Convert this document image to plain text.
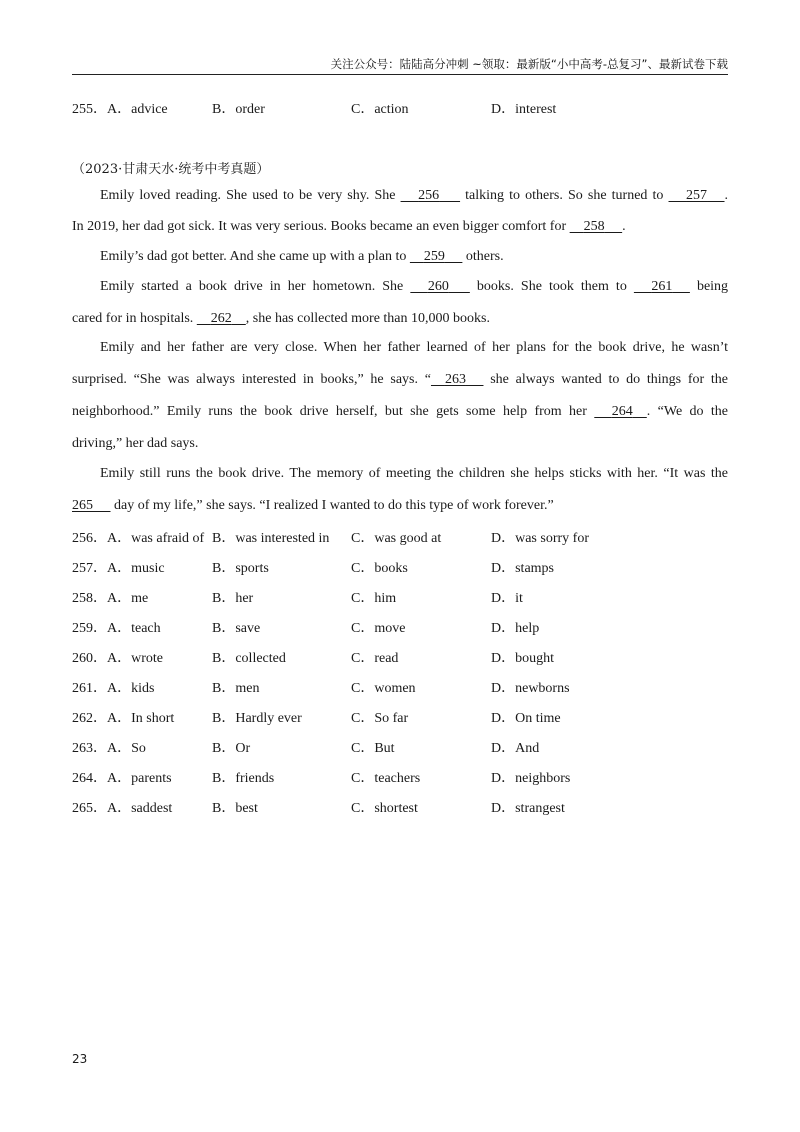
关注公众号：陆陆高分冲刺 ~领取：最新版“小中高考-总复习”、最新试卷下载
255．A．advice	B．order	C．action	D．interest
（2023·甘肃天水·统考中考真题）
Emily loved reading. She used to be very shy. She 256 talking to others. So she turned to 257 .
In 2019, her dad got sick. It was very serious. Books became an even bigger comfort for 258 .
Emily’s dad got better. And she came up with a plan to 259 others.
Emily started a book drive in her hometown. She 260 books. She took them to 261 being
cared for in hospitals. 262 , she has collected more than 10,000 books.
Emily and her father are very close. When her father learned of her plans for the book drive, he wasn’t
surprised. “She was always interested in books,” he says. “ 263 she always wanted to do things for the
neighborhood.” Emily runs the book drive herself, but she gets some help from her 264 . “We do the
driving,” her dad says.
Emily still runs the book drive. The memory of meeting the children she helps sticks with her. “It was the
265 day of my life,” she says. “I realized I wanted to do this type of work forever.”
256．A．was afraid of B．was interested in C．was good at	D．was sorry for
257．A．music	B．sports	C．books	D．stamps
258．A．me	B．her	C．him	D．it
259．A．teach	B．save	C．move	D．help
260．A．wrote	B．collected	C．read	D．bought
261．A．kids	B．men	C．women	D．newborns
262．A．In short	B．Hardly ever	C．So far	D．On time
263．A．So	B．Or	C．But	D．And
264．A．parents	B．friends	C．teachers	D．neighbors
265．A．saddest	B．best	C．shortest	D．strangest
23
